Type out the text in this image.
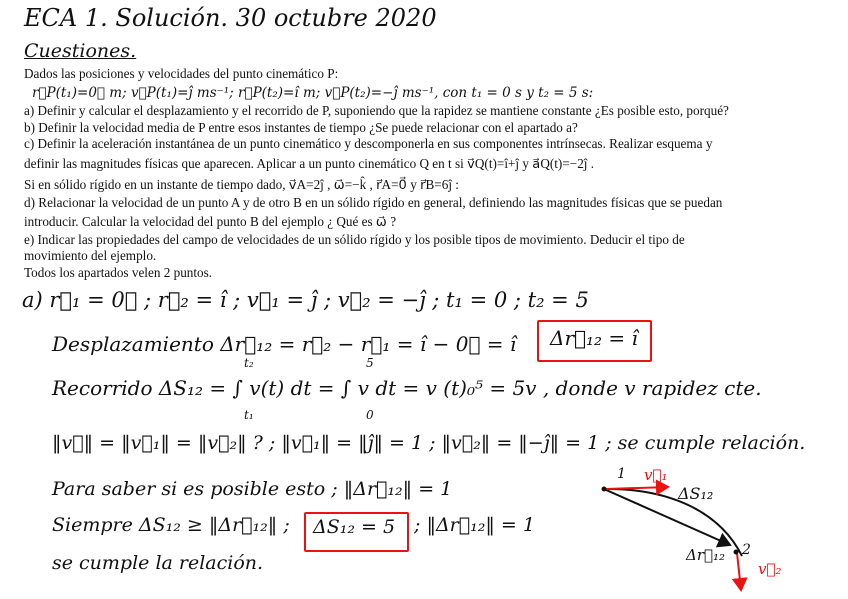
ECA 1. Solución. 30 octubre 2020
Cuestiones.
Dados las posiciones y velocidades del punto cinemático P:
r⃗P(t₁)=0⃗ m; v⃗P(t₁)=ĵ ms⁻¹; r⃗P(t₂)=î m; v⃗P(t₂)=−ĵ ms⁻¹, con t₁ = 0 s y t₂ = 5 s:
a) Definir y calcular el desplazamiento y el recorrido de P, suponiendo que la rapidez se mantiene constante ¿Es posible esto, porqué?
b) Definir la velocidad media de P entre esos instantes de tiempo ¿Se puede relacionar con el apartado a?
c) Definir la aceleración instantánea de un punto cinemático y descomponerla en sus componentes intrínsecas. Realizar esquema y
definir las magnitudes físicas que aparecen. Aplicar a un punto cinemático Q en t si v⃗Q(t)=î+ĵ y a⃗Q(t)=−2ĵ .
Si en sólido rígido en un instante de tiempo dado, v⃗A=2ĵ , ω⃗=−k̂ , r⃗A=0⃗ y r⃗B=6ĵ :
d) Relacionar la velocidad de un punto A y de otro B en un sólido rígido en general, definiendo las magnitudes físicas que se puedan
introducir. Calcular la velocidad del punto B del ejemplo ¿ Qué es ω⃗ ?
e) Indicar las propiedades del campo de velocidades de un sólido rígido y los posible tipos de movimiento. Deducir el tipo de
movimiento del ejemplo.
Todos los apartados velen 2 puntos.
a) r⃗₁ = 0⃗ ; r⃗₂ = î ; v⃗₁ = ĵ ; v⃗₂ = −ĵ ; t₁ = 0 ; t₂ = 5
Desplazamiento Δr⃗₁₂ = r⃗₂ − r⃗₁ = î − 0⃗ = î Δr⃗₁₂ = î
t₂
t₁
5
0
Recorrido ΔS₁₂ = ∫ v(t) dt = ∫ v dt = v (t)₀⁵ = 5v , donde v rapidez cte.
‖v⃗‖ = ‖v⃗₁‖ = ‖v⃗₂‖ ? ; ‖v⃗₁‖ = ‖ĵ‖ = 1 ; ‖v⃗₂‖ = ‖−ĵ‖ = 1 ; se cumple relación.
Para saber si es posible esto ; ‖Δr⃗₁₂‖ = 1
Siempre ΔS₁₂ ≥ ‖Δr⃗₁₂‖ ; ΔS₁₂ = 5 ; ‖Δr⃗₁₂‖ = 1
se cumple la relación.
1 v⃗₁
ΔS₁₂
2
Δr⃗₁₂
v⃗₂
